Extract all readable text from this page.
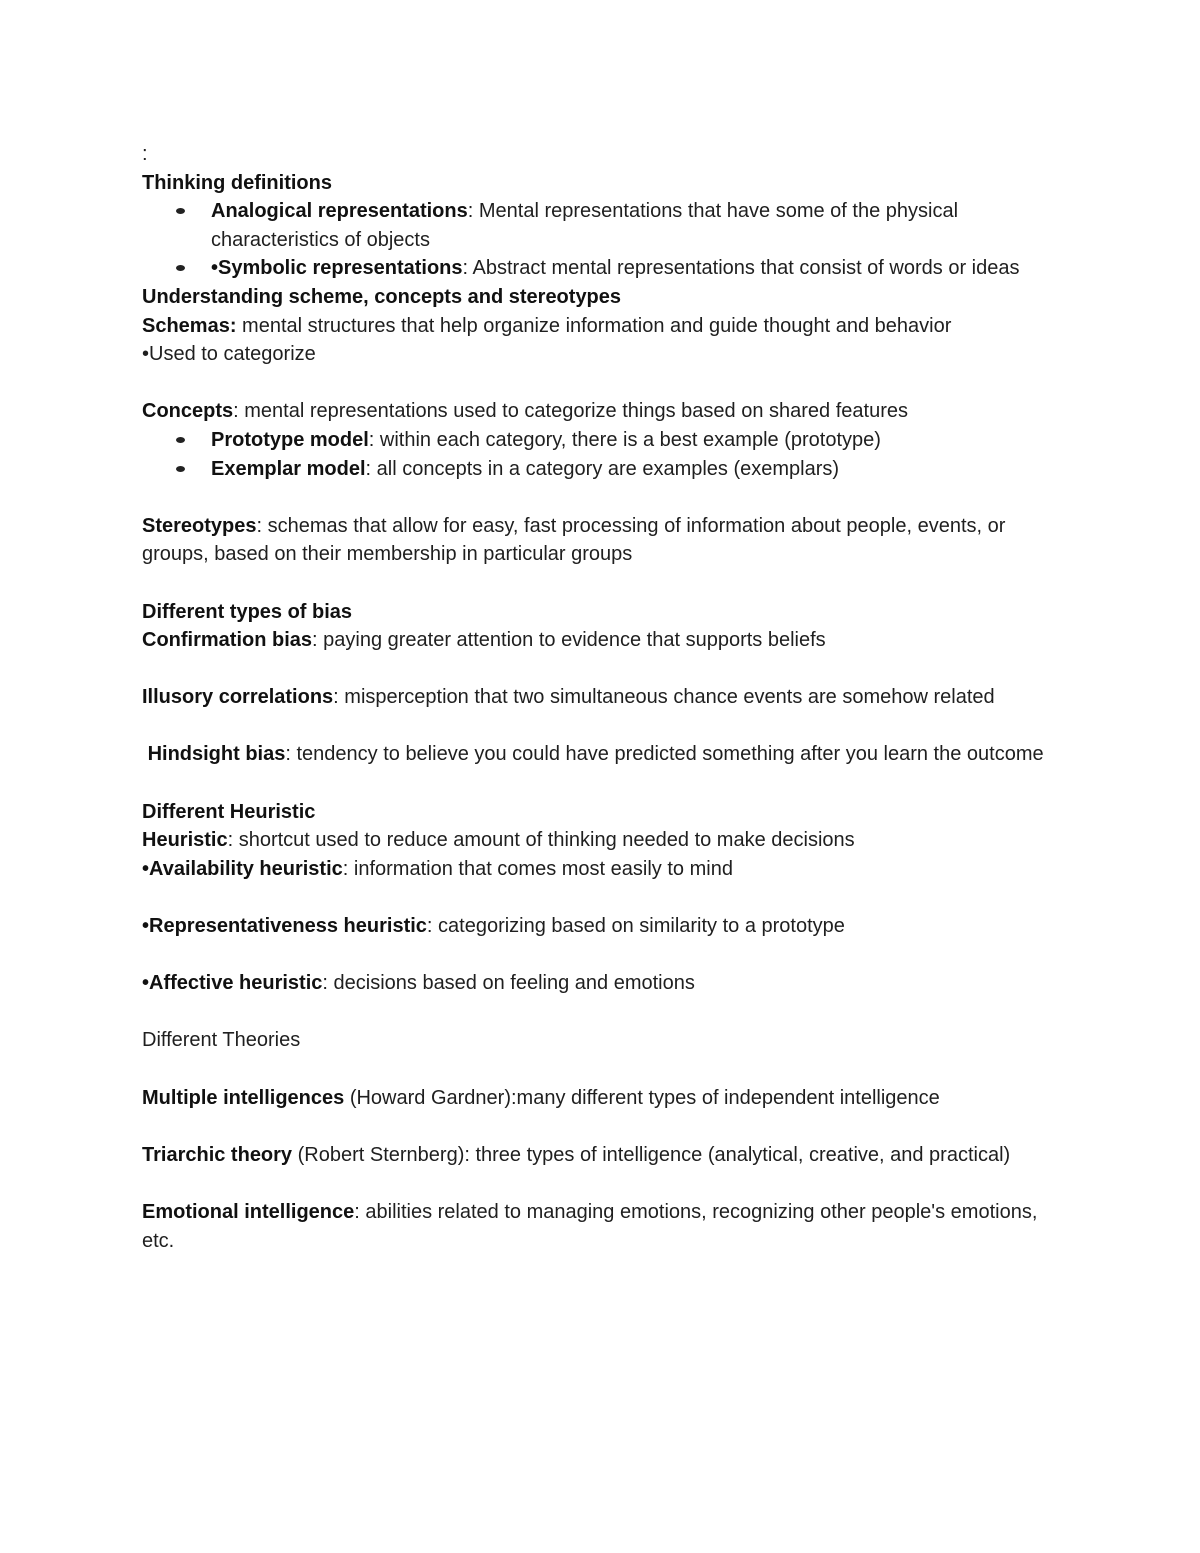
:
Thinking definitions
Analogical representations: Mental representations that have some of the physical characteristics of objects
•Symbolic representations: Abstract mental representations that consist of words or ideas
Understanding scheme, concepts and stereotypes
Schemas: mental structures that help organize information and guide thought and behavior
•Used to categorize
Concepts: mental representations used to categorize things based on shared features
Prototype model: within each category, there is a best example (prototype)
Exemplar model: all concepts in a category are examples (exemplars)
Stereotypes: schemas that allow for easy, fast processing of information about people, events, or groups, based on their membership in particular groups
Different types of bias
Confirmation bias: paying greater attention to evidence that supports beliefs
Illusory correlations: misperception that two simultaneous chance events are somehow related
Hindsight bias: tendency to believe you could have predicted something after you learn the outcome
Different Heuristic
Heuristic: shortcut used to reduce amount of thinking needed to make decisions
•Availability heuristic: information that comes most easily to mind
•Representativeness heuristic: categorizing based on similarity to a prototype
•Affective heuristic: decisions based on feeling and emotions
Different Theories
Multiple intelligences (Howard Gardner):many different types of independent intelligence
Triarchic theory (Robert Sternberg): three types of intelligence (analytical, creative, and practical)
Emotional intelligence: abilities related to managing emotions, recognizing other people's emotions, etc.
